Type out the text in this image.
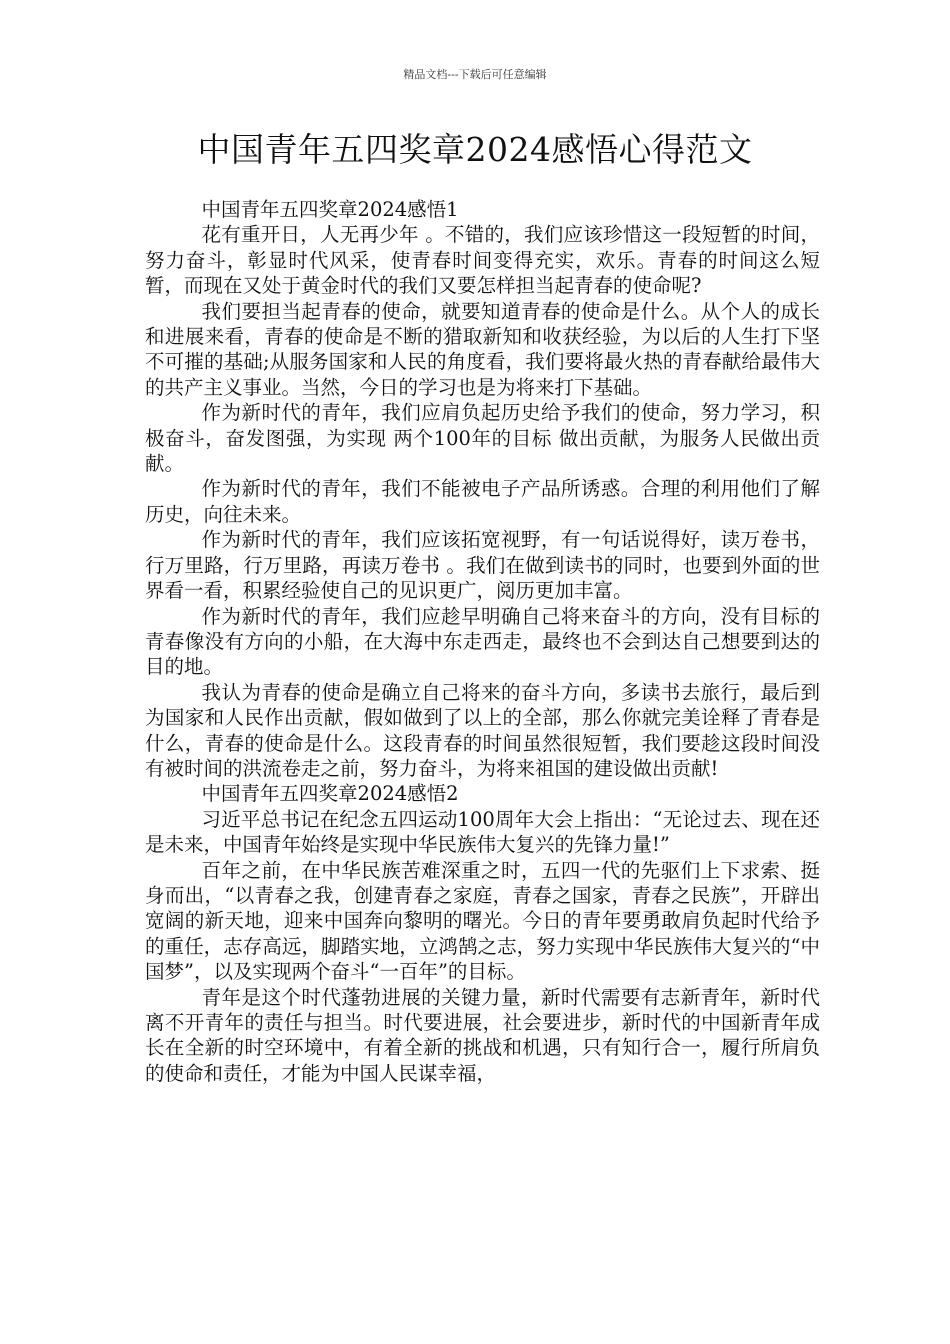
精品文档---下载后可任意编辑
中国青年五四奖章2024感悟心得范文

中国青年五四奖章2024感悟1

花有重开日，人无再少年 。不错的，我们应该珍惜这一段短暂的时间，努力奋斗，彰显时代风采，使青春时间变得充实，欢乐。青春的时间这么短暂，而现在又处于黄金时代的我们又要怎样担当起青春的使命呢?

我们要担当起青春的使命，就要知道青春的使命是什么。从个人的成长和进展来看，青春的使命是不断的猎取新知和收获经验，为以后的人生打下坚不可摧的基础;从服务国家和人民的角度看，我们要将最火热的青春献给最伟大的共产主义事业。当然，今日的学习也是为将来打下基础。

作为新时代的青年，我们应肩负起历史给予我们的使命，努力学习，积极奋斗，奋发图强，为实现 两个100年的目标 做出贡献，为服务人民做出贡献。

作为新时代的青年，我们不能被电子产品所诱惑。合理的利用他们了解历史，向往未来。

作为新时代的青年，我们应该拓宽视野，有一句话说得好，读万卷书，行万里路，行万里路，再读万卷书 。我们在做到读书的同时，也要到外面的世界看一看，积累经验使自己的见识更广，阅历更加丰富。

作为新时代的青年，我们应趁早明确自己将来奋斗的方向，没有目标的青春像没有方向的小船，在大海中东走西走，最终也不会到达自己想要到达的目的地。

我认为青春的使命是确立自己将来的奋斗方向，多读书去旅行，最后到为国家和人民作出贡献，假如做到了以上的全部，那么你就完美诠释了青春是什么，青春的使命是什么。这段青春的时间虽然很短暂，我们要趁这段时间没有被时间的洪流卷走之前，努力奋斗，为将来祖国的建设做出贡献!

中国青年五四奖章2024感悟2

习近平总书记在纪念五四运动100周年大会上指出：“无论过去、现在还是未来，中国青年始终是实现中华民族伟大复兴的先锋力量!”

百年之前，在中华民族苦难深重之时，五四一代的先驱们上下求索、挺身而出，“以青春之我，创建青春之家庭，青春之国家，青春之民族”，开辟出宽阔的新天地，迎来中国奔向黎明的曙光。今日的青年要勇敢肩负起时代给予的重任，志存高远，脚踏实地，立鸿鹄之志，努力实现中华民族伟大复兴的“中国梦”，以及实现两个奋斗“一百年”的目标。

青年是这个时代蓬勃进展的关键力量，新时代需要有志新青年，新时代离不开青年的责任与担当。时代要进展，社会要进步，新时代的中国新青年成长在全新的时空环境中，有着全新的挑战和机遇，只有知行合一，履行所肩负的使命和责任，才能为中国人民谋幸福，
